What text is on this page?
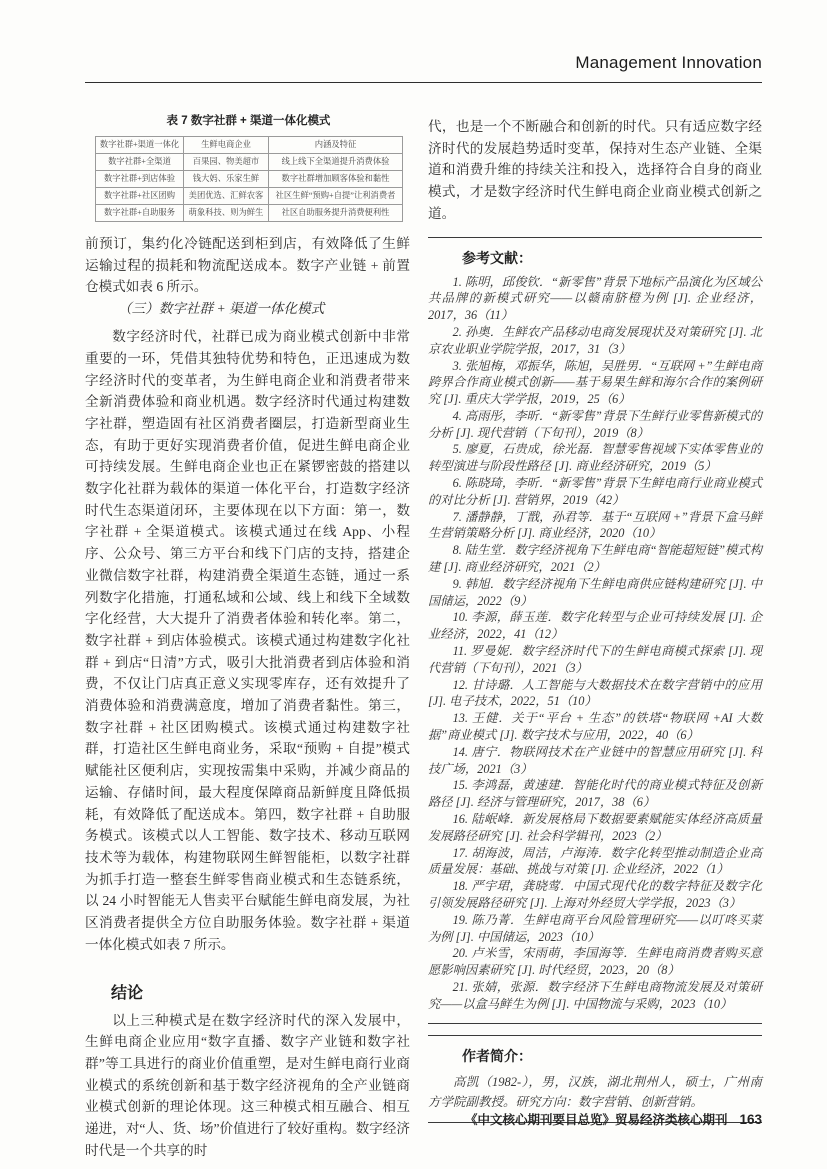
Management Innovation
表 7 数字社群 + 渠道一体化模式
数字社群+渠道一体化	生鲜电商企业	内涵及特征
数字社群+全渠道	百果园、物美超市	线上线下全渠道提升消费体验
数字社群+到店体验	钱大妈、乐家生鲜	数字社群增加顾客体验和黏性
数字社群+社区团购	美团优选、汇鲜农客	社区生鲜“预购+自提”让利消费者
数字社群+自助服务	萌象科技、则为鲜生	社区自助服务提升消费便利性

前预订，集约化冷链配送到柜到店，有效降低了生鲜运输过程的损耗和物流配送成本。数字产业链 + 前置仓模式如表 6 所示。

（三）数字社群 + 渠道一体化模式

数字经济时代，社群已成为商业模式创新中非常重要的一环，凭借其独特优势和特色，正迅速成为数字经济时代的变革者，为生鲜电商企业和消费者带来全新消费体验和商业机遇。数字经济时代通过构建数字社群，塑造固有社区消费者圈层，打造新型商业生态，有助于更好实现消费者价值，促进生鲜电商企业可持续发展。生鲜电商企业也正在紧锣密鼓的搭建以数字化社群为载体的渠道一体化平台，打造数字经济时代生态渠道闭环，主要体现在以下方面：第一，数字社群 + 全渠道模式。该模式通过在线 App、小程序、公众号、第三方平台和线下门店的支持，搭建企业微信数字社群，构建消费全渠道生态链，通过一系列数字化措施，打通私域和公域、线上和线下全域数字化经营，大大提升了消费者体验和转化率。第二，数字社群 + 到店体验模式。该模式通过构建数字化社群 + 到店“日清”方式，吸引大批消费者到店体验和消费，不仅让门店真正意义实现零库存，还有效提升了消费体验和消费满意度，增加了消费者黏性。第三，数字社群 + 社区团购模式。该模式通过构建数字社群，打造社区生鲜电商业务，采取“预购 + 自提”模式赋能社区便利店，实现按需集中采购，并减少商品的运输、存储时间，最大程度保障商品新鲜度且降低损耗，有效降低了配送成本。第四，数字社群 + 自助服务模式。该模式以人工智能、数字技术、移动互联网技术等为载体，构建物联网生鲜智能柜，以数字社群为抓手打造一整套生鲜零售商业模式和生态链系统，以 24 小时智能无人售卖平台赋能生鲜电商发展，为社区消费者提供全方位自助服务体验。数字社群 + 渠道一体化模式如表 7 所示。

结论

以上三种模式是在数字经济时代的深入发展中，生鲜电商企业应用“数字直播、数字产业链和数字社群”等工具进行的商业价值重塑，是对生鲜电商行业商业模式的系统创新和基于数字经济视角的全产业链商业模式创新的理论体现。这三种模式相互融合、相互递进，对“人、货、场”价值进行了较好重构。数字经济时代是一个共享的时

代，也是一个不断融合和创新的时代。只有适应数字经济时代的发展趋势适时变革，保持对生态产业链、全渠道和消费升维的持续关注和投入，选择符合自身的商业模式，才是数字经济时代生鲜电商企业商业模式创新之道。

参考文献：

1. 陈明，邱俊钦．“新零售”背景下地标产品演化为区域公共品牌的新模式研究——以赣南脐橙为例 [J]. 企业经济，2017，36（11）

2. 孙奥．生鲜农产品移动电商发展现状及对策研究 [J]. 北京农业职业学院学报，2017，31（3）

3. 张旭梅，邓振华，陈旭，吴胜男．“互联网 +”生鲜电商跨界合作商业模式创新——基于易果生鲜和海尔合作的案例研究 [J]. 重庆大学学报，2019，25（6）

4. 高雨彤，李昕．“新零售”背景下生鲜行业零售新模式的分析 [J]. 现代营销（下旬刊），2019（8）

5. 廖夏，石贵成，徐光磊．智慧零售视域下实体零售业的转型演进与阶段性路径 [J]. 商业经济研究，2019（5）

6. 陈晓琦，李昕．“新零售”背景下生鲜电商行业商业模式的对比分析 [J]. 营销界，2019（42）

7. 潘静静，丁戬，孙君等．基于“互联网 +”背景下盒马鲜生营销策略分析 [J]. 商业经济，2020（10）

8. 陆生堂．数字经济视角下生鲜电商“智能超短链”模式构建 [J]. 商业经济研究，2021（2）

9. 韩旭．数字经济视角下生鲜电商供应链构建研究 [J]. 中国储运，2022（9）

10. 李源，薛玉莲．数字化转型与企业可持续发展 [J]. 企业经济，2022，41（12）

11. 罗曼妮．数字经济时代下的生鲜电商模式探索 [J]. 现代营销（下旬刊），2021（3）

12. 甘诗璐．人工智能与大数据技术在数字营销中的应用 [J]. 电子技术，2022，51（10）

13. 王健．关于“平台 + 生态”的铁塔“物联网 +AI 大数据”商业模式 [J]. 数字技术与应用，2022，40（6）

14. 唐宁．物联网技术在产业链中的智慧应用研究 [J]. 科技广场，2021（3）

15. 李鸿磊，黄速建．智能化时代的商业模式特征及创新路径 [J]. 经济与管理研究，2017，38（6）

16. 陆岷峰．新发展格局下数据要素赋能实体经济高质量发展路径研究 [J]. 社会科学辑刊，2023（2）

17. 胡海波，周洁，卢海涛．数字化转型推动制造企业高质量发展：基础、挑战与对策 [J]. 企业经济，2022（1）

18. 严宇珺，龚晓莺．中国式现代化的数字特征及数字化引领发展路径研究 [J]. 上海对外经贸大学学报，2023（3）

19. 陈乃菁．生鲜电商平台风险管理研究——以叮咚买菜为例 [J]. 中国储运，2023（10）

20. 卢米雪，宋雨萌，李国海等．生鲜电商消费者购买意愿影响因素研究 [J]. 时代经贸，2023，20（8）

21. 张婧，张源．数字经济下生鲜电商物流发展及对策研究——以盒马鲜生为例 [J]. 中国物流与采购，2023（10）

作者简介：

高凯（1982-），男，汉族，湖北荆州人，硕士，广州南方学院副教授。研究方向：数字营销、创新营销。

《中文核心期刊要目总览》贸易经济类核心期刊 163
